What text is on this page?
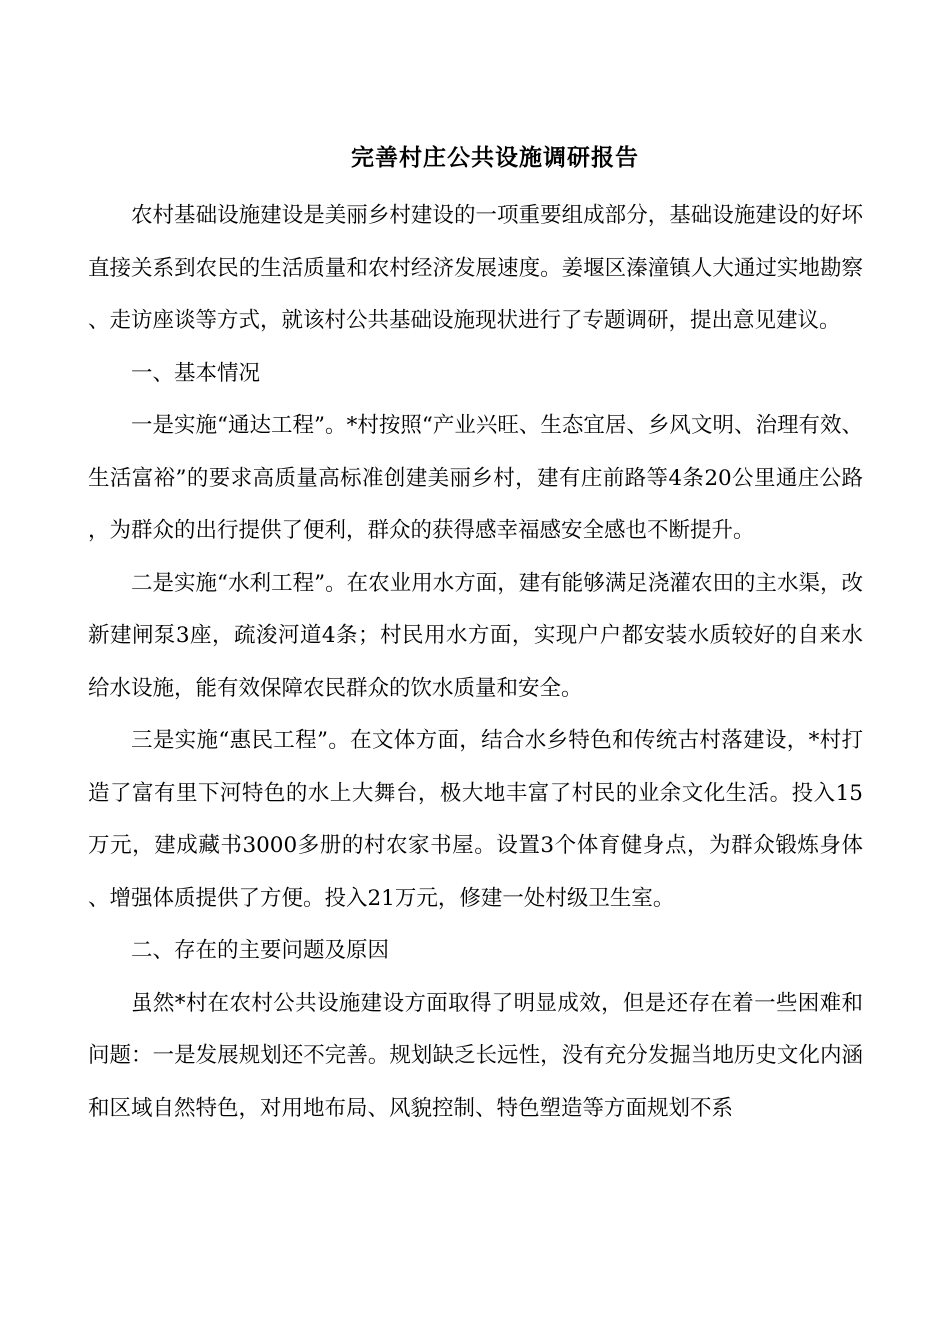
完善村庄公共设施调研报告

农村基础设施建设是美丽乡村建设的一项重要组成部分，基础设施建设的好坏直接关系到农民的生活质量和农村经济发展速度。姜堰区溱潼镇人大通过实地勘察、走访座谈等方式，就该村公共基础设施现状进行了专题调研，提出意见建议。

一、基本情况

一是实施“通达工程”。*村按照“产业兴旺、生态宜居、乡风文明、治理有效、生活富裕”的要求高质量高标准创建美丽乡村，建有庄前路等4条20公里通庄公路，为群众的出行提供了便利，群众的获得感幸福感安全感也不断提升。

二是实施“水利工程”。在农业用水方面，建有能够满足浇灌农田的主水渠，改新建闸泵3座，疏浚河道4条；村民用水方面，实现户户都安装水质较好的自来水给水设施，能有效保障农民群众的饮水质量和安全。

三是实施“惠民工程”。在文体方面，结合水乡特色和传统古村落建设，*村打造了富有里下河特色的水上大舞台，极大地丰富了村民的业余文化生活。投入15万元，建成藏书3000多册的村农家书屋。设置3个体育健身点，为群众锻炼身体、增强体质提供了方便。投入21万元，修建一处村级卫生室。

二、存在的主要问题及原因

虽然*村在农村公共设施建设方面取得了明显成效，但是还存在着一些困难和问题：一是发展规划还不完善。规划缺乏长远性，没有充分发掘当地历史文化内涵和区域自然特色，对用地布局、风貌控制、特色塑造等方面规划不系
